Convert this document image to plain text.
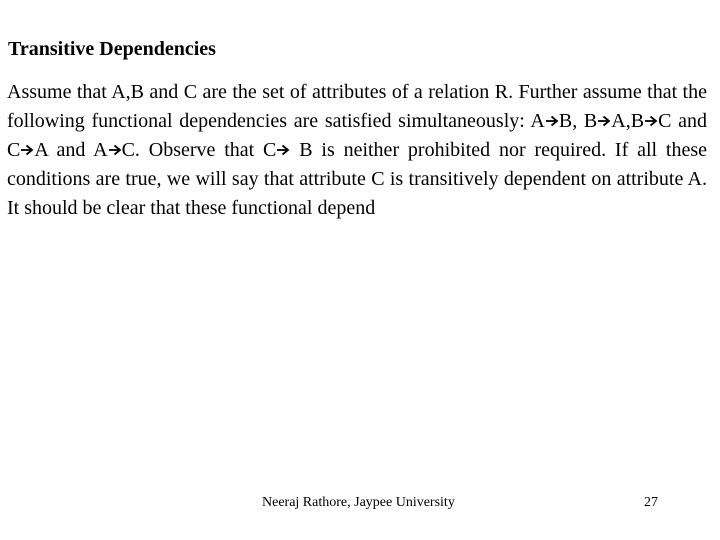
Transitive Dependencies

Assume that A,B and C are the set of attributes of a relation R. Further assume that the following functional dependencies are satisfied simultaneously: A B, B A,B C and C A and A C. Observe that C
B is neither prohibited nor required. If all these conditions are true, we will say that attribute C is transitively dependent on attribute A. It should be clear that these functional depend

Neeraj Rathore, Jaypee University	27
